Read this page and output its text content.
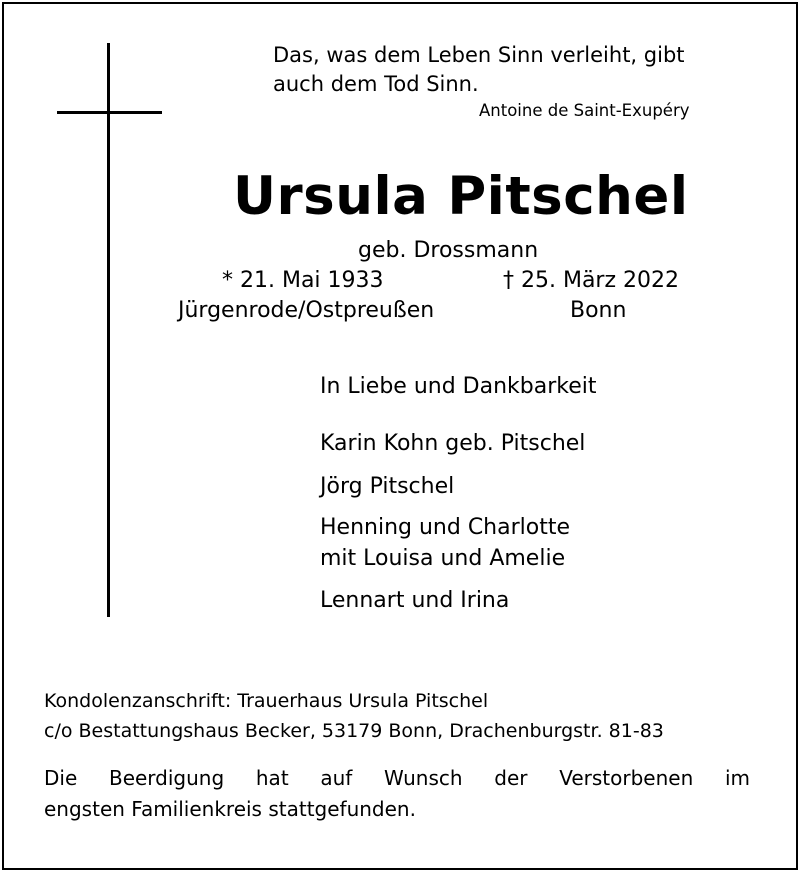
Das, was dem Leben Sinn verleiht, gibt
auch dem Tod Sinn.
Antoine de Saint-Exupéry
Ursula Pitschel
geb. Drossmann
* 21. Mai 1933	† 25. März 2022
Jürgenrode/Ostpreußen	Bonn
In Liebe und Dankbarkeit
Karin Kohn geb. Pitschel
Jörg Pitschel
Henning und Charlotte
mit Louisa und Amelie
Lennart und Irina
Kondolenzanschrift: Trauerhaus Ursula Pitschel
c/o Bestattungshaus Becker, 53179 Bonn, Drachenburgstr. 81-83
Die Beerdigung hat auf Wunsch der Verstorbenen im
engsten Familienkreis stattgefunden.
